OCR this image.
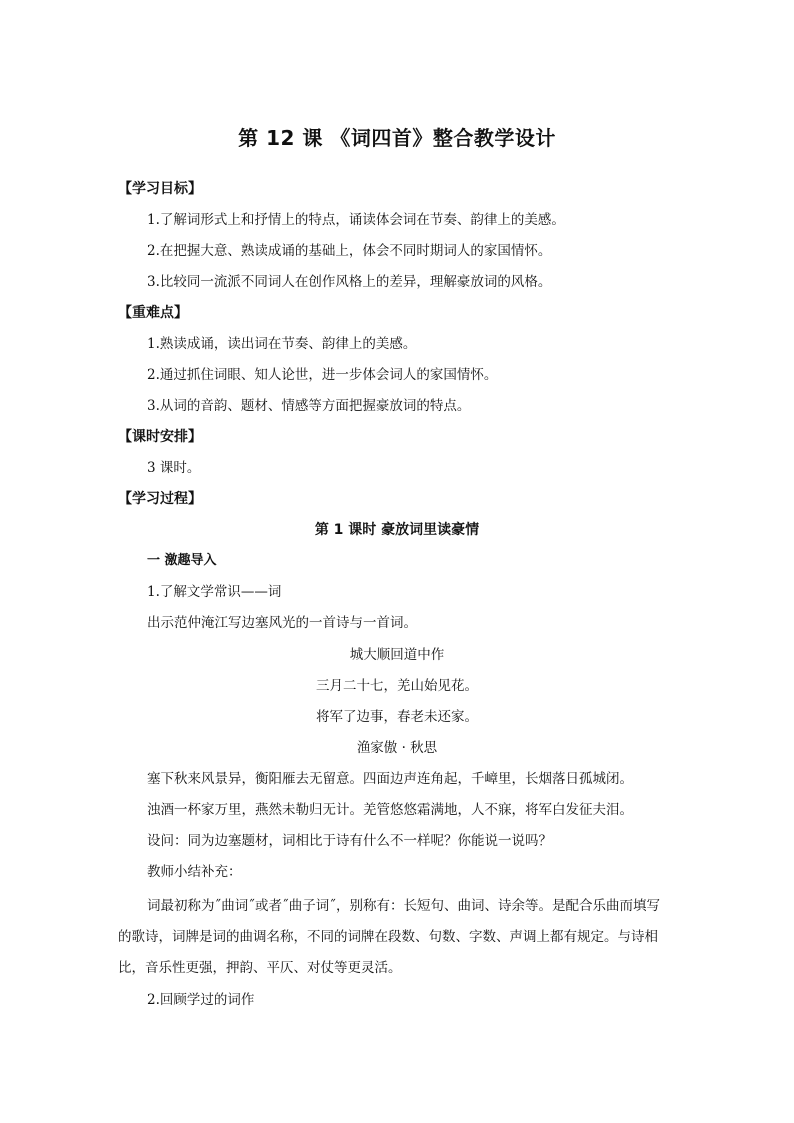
第 12 课 《词四首》整合教学设计
【学习目标】
1.了解词形式上和抒情上的特点，诵读体会词在节奏、韵律上的美感。
2.在把握大意、熟读成诵的基础上，体会不同时期词人的家国情怀。
3.比较同一流派不同词人在创作风格上的差异，理解豪放词的风格。
【重难点】
1.熟读成诵，读出词在节奏、韵律上的美感。
2.通过抓住词眼、知人论世，进一步体会词人的家国情怀。
3.从词的音韵、题材、情感等方面把握豪放词的特点。
【课时安排】
3 课时。
【学习过程】
第 1 课时 豪放词里读豪情
一 激趣导入
1.了解文学常识——词
出示范仲淹江写边塞风光的一首诗与一首词。
城大顺回道中作
三月二十七，羌山始见花。
将军了边事，春老未还家。
渔家傲 · 秋思
塞下秋来风景异，衡阳雁去无留意。四面边声连角起，千嶂里，长烟落日孤城闭。
浊酒一杯家万里，燕然未勒归无计。羌管悠悠霜满地，人不寐，将军白发征夫泪。
设问：同为边塞题材，词相比于诗有什么不一样呢？你能说一说吗？
教师小结补充：
词最初称为˝曲词˝或者˝曲子词˝，别称有：长短句、曲词、诗余等。是配合乐曲而填写
的歌诗，词牌是词的曲调名称，不同的词牌在段数、句数、字数、声调上都有规定。与诗相
比，音乐性更强，押韵、平仄、对仗等更灵活。
2.回顾学过的词作
